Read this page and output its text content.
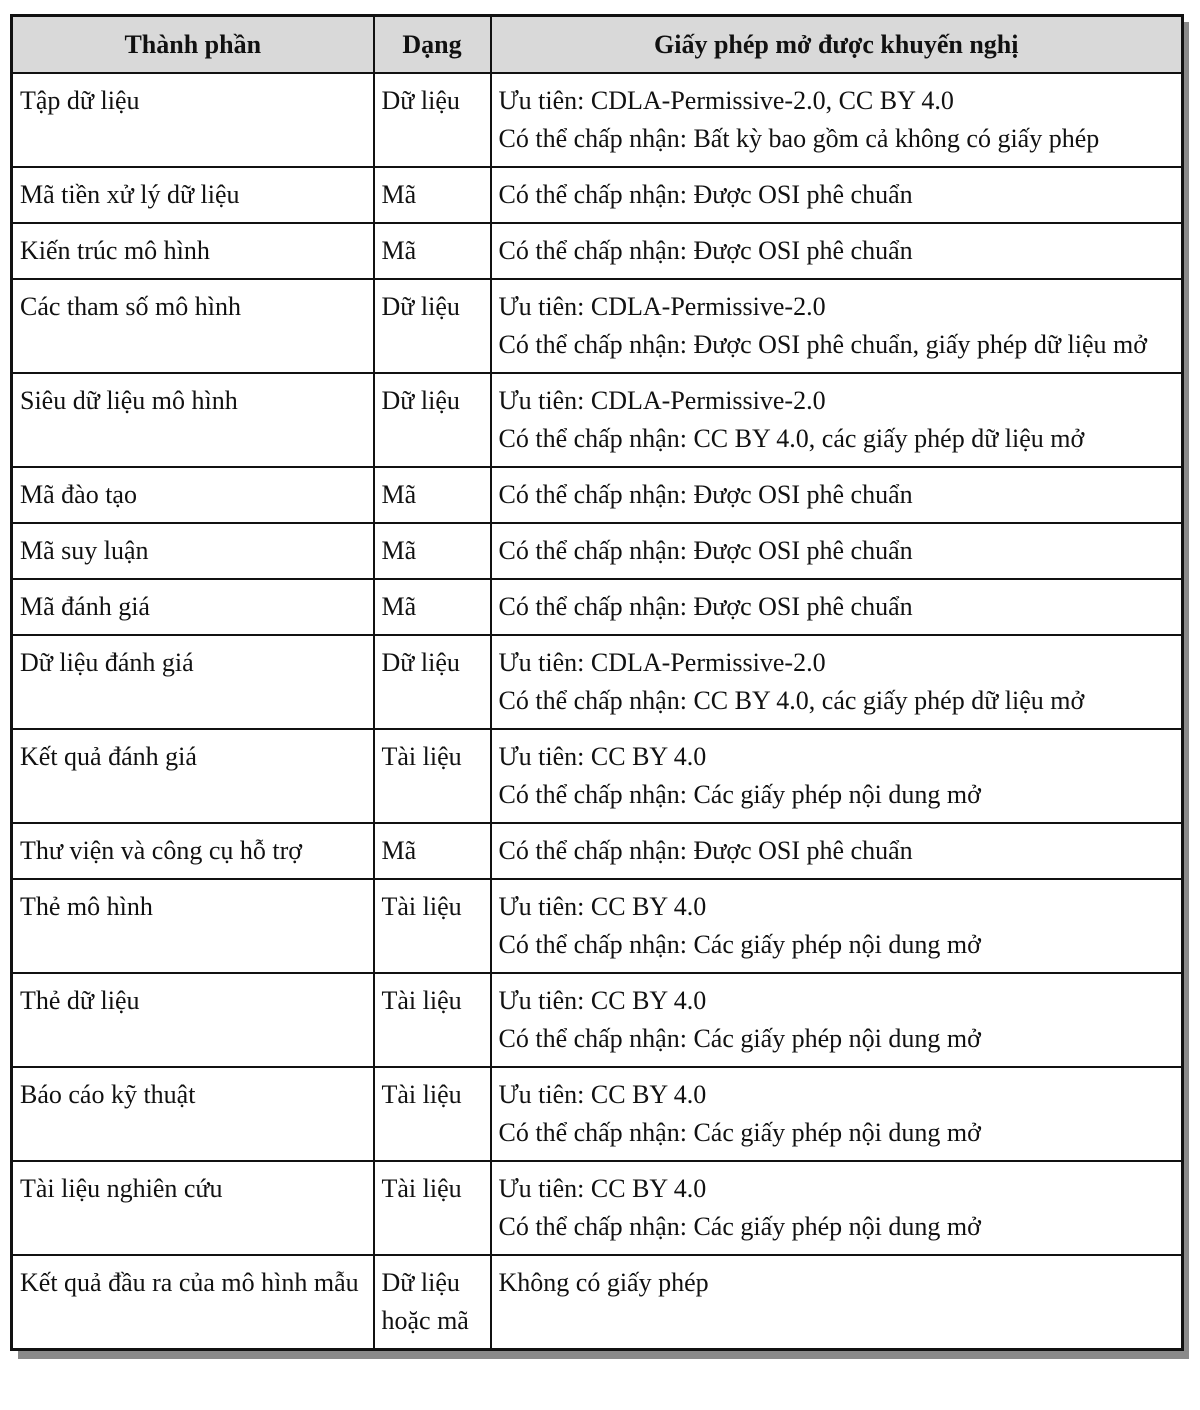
Thành phần	Dạng	Giấy phép mở được khuyến nghị
Tập dữ liệu	Dữ liệu	Ưu tiên: CDLA-Permissive-2.0, CC BY 4.0
Có thể chấp nhận: Bất kỳ bao gồm cả không có giấy phép

Mã tiền xử lý dữ liệu	Mã	Có thể chấp nhận: Được OSI phê chuẩn

Kiến trúc mô hình	Mã	Có thể chấp nhận: Được OSI phê chuẩn

Các tham số mô hình	Dữ liệu	Ưu tiên: CDLA-Permissive-2.0
Có thể chấp nhận: Được OSI phê chuẩn, giấy phép dữ liệu mở

Siêu dữ liệu mô hình	Dữ liệu	Ưu tiên: CDLA-Permissive-2.0
Có thể chấp nhận: CC BY 4.0, các giấy phép dữ liệu mở

Mã đào tạo	Mã	Có thể chấp nhận: Được OSI phê chuẩn

Mã suy luận	Mã	Có thể chấp nhận: Được OSI phê chuẩn

Mã đánh giá	Mã	Có thể chấp nhận: Được OSI phê chuẩn

Dữ liệu đánh giá	Dữ liệu	Ưu tiên: CDLA-Permissive-2.0
Có thể chấp nhận: CC BY 4.0, các giấy phép dữ liệu mở

Kết quả đánh giá	Tài liệu	Ưu tiên: CC BY 4.0
Có thể chấp nhận: Các giấy phép nội dung mở

Thư viện và công cụ hỗ trợ	Mã	Có thể chấp nhận: Được OSI phê chuẩn

Thẻ mô hình	Tài liệu	Ưu tiên: CC BY 4.0
Có thể chấp nhận: Các giấy phép nội dung mở

Thẻ dữ liệu	Tài liệu	Ưu tiên: CC BY 4.0
Có thể chấp nhận: Các giấy phép nội dung mở

Báo cáo kỹ thuật	Tài liệu	Ưu tiên: CC BY 4.0
Có thể chấp nhận: Các giấy phép nội dung mở

Tài liệu nghiên cứu	Tài liệu	Ưu tiên: CC BY 4.0
Có thể chấp nhận: Các giấy phép nội dung mở

Kết quả đầu ra của mô hình mẫu	Dữ liệu hoặc mã	Không có giấy phép
